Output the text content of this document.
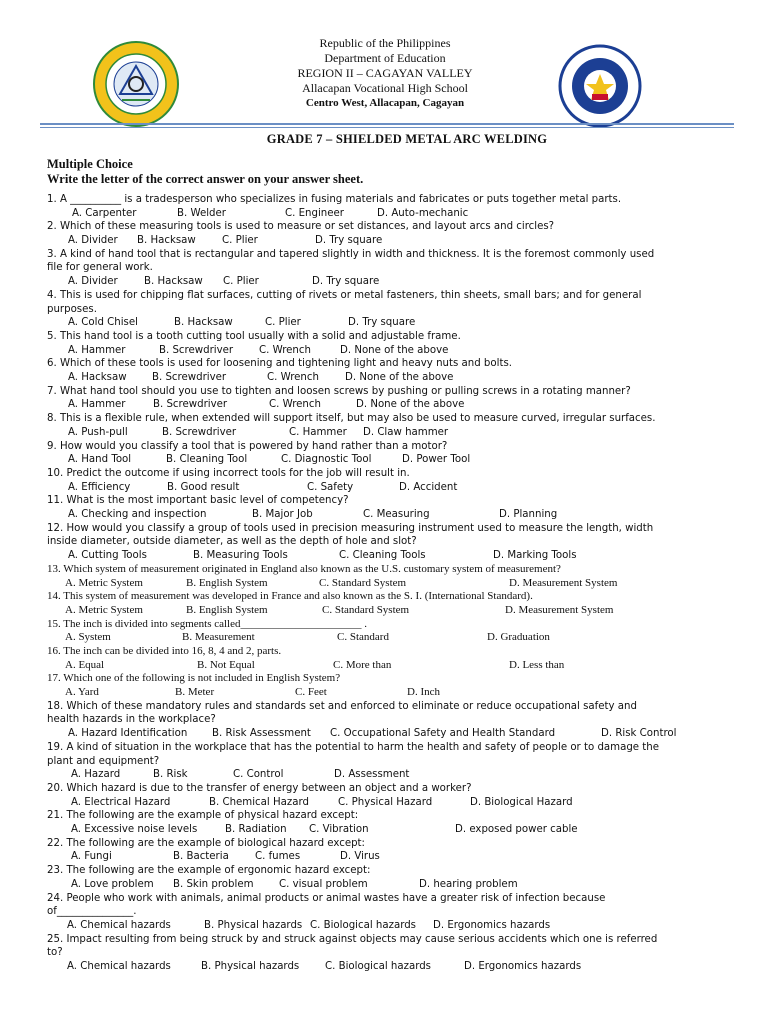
Republic of the Philippines
Department of Education
REGION II – CAGAYAN VALLEY
Allacapan Vocational High School
Centro West, Allacapan, Cagayan
GRADE 7 – SHIELDED METAL ARC WELDING
Multiple Choice
Write the letter of the correct answer on your answer sheet.
1. A __________ is a tradesperson who specializes in fusing materials and fabricates or puts together metal parts.
A. Carpenter	B. Welder	C. Engineer	D. Auto-mechanic
2. Which of these measuring tools is used to measure or set distances, and layout arcs and circles?
A. Divider B. Hacksaw	C. Plier	D. Try square
3. A kind of hand tool that is rectangular and tapered slightly in width and thickness. It is the foremost commonly used
file for general work.
A. Divider	B. Hacksaw C. Plier	D. Try square
4. This is used for chipping flat surfaces, cutting of rivets or metal fasteners, thin sheets, small bars; and for general
purposes.
A. Cold Chisel	B. Hacksaw	C. Plier	D. Try square
5. This hand tool is a tooth cutting tool usually with a solid and adjustable frame.
A. Hammer	B. Screwdriver	C. Wrench	D. None of the above
6. Which of these tools is used for loosening and tightening light and heavy nuts and bolts.
A. Hacksaw B. Screwdriver	C. Wrench	D. None of the above
7. What hand tool should you use to tighten and loosen screws by pushing or pulling screws in a rotating manner?
A. Hammer	B. Screwdriver	C. Wrench	D. None of the above
8. This is a flexible rule, when extended will support itself, but may also be used to measure curved, irregular surfaces.
A. Push-pull	B. Screwdriver	C. Hammer D. Claw hammer
9. How would you classify a tool that is powered by hand rather than a motor?
A. Hand Tool	B. Cleaning Tool	C. Diagnostic Tool	D. Power Tool
10. Predict the outcome if using incorrect tools for the job will result in.
A. Efficiency	B. Good result	C. Safety	D. Accident
11. What is the most important basic level of competency?
A. Checking and inspection	B. Major Job	C. Measuring	D. Planning
12. How would you classify a group of tools used in precision measuring instrument used to measure the length, width
inside diameter, outside diameter, as well as the depth of hole and slot?
A. Cutting Tools	B. Measuring Tools	C. Cleaning Tools	D. Marking Tools
13. Which system of measurement originated in England also known as the U.S. customary system of measurement?
A. Metric System	B. English System	C. Standard System	D. Measurement System
14. This system of measurement was developed in France and also known as the S. I. (International Standard).
A. Metric System	B. English System	C. Standard System	D. Measurement System
15. The inch is divided into segments called______________________ .
A. System	B. Measurement	C. Standard	D. Graduation
16. The inch can be divided into 16, 8, 4 and 2, parts.
A. Equal	B. Not Equal	C. More than	D. Less than
17. Which one of the following is not included in English System?
A. Yard	B. Meter	C. Feet	D. Inch
18. Which of these mandatory rules and standards set and enforced to eliminate or reduce occupational safety and
health hazards in the workplace?
A. Hazard Identification B. Risk Assessment C. Occupational Safety and Health Standard	D. Risk Control
19. A kind of situation in the workplace that has the potential to harm the health and safety of people or to damage the
plant and equipment?
A. Hazard	B. Risk	C. Control	D. Assessment
20. Which hazard is due to the transfer of energy between an object and a worker?
A. Electrical Hazard	B. Chemical Hazard	C. Physical Hazard	D. Biological Hazard
21. The following are the example of physical hazard except:
A. Excessive noise levels	B. Radiation C. Vibration	D. exposed power cable
22. The following are the example of biological hazard except:
A. Fungi	B. Bacteria	C. fumes	D. Virus
23. The following are the example of ergonomic hazard except:
A. Love problem B. Skin problem C. visual problem	D. hearing problem
24. People who work with animals, animal products or animal wastes have a greater risk of infection because
of_______________.
A. Chemical hazards	B. Physical hazards C. Biological hazards D. Ergonomics hazards
25. Impact resulting from being struck by and struck against objects may cause serious accidents which one is referred
to?
A. Chemical hazards	B. Physical hazards	C. Biological hazards	D. Ergonomics hazards
